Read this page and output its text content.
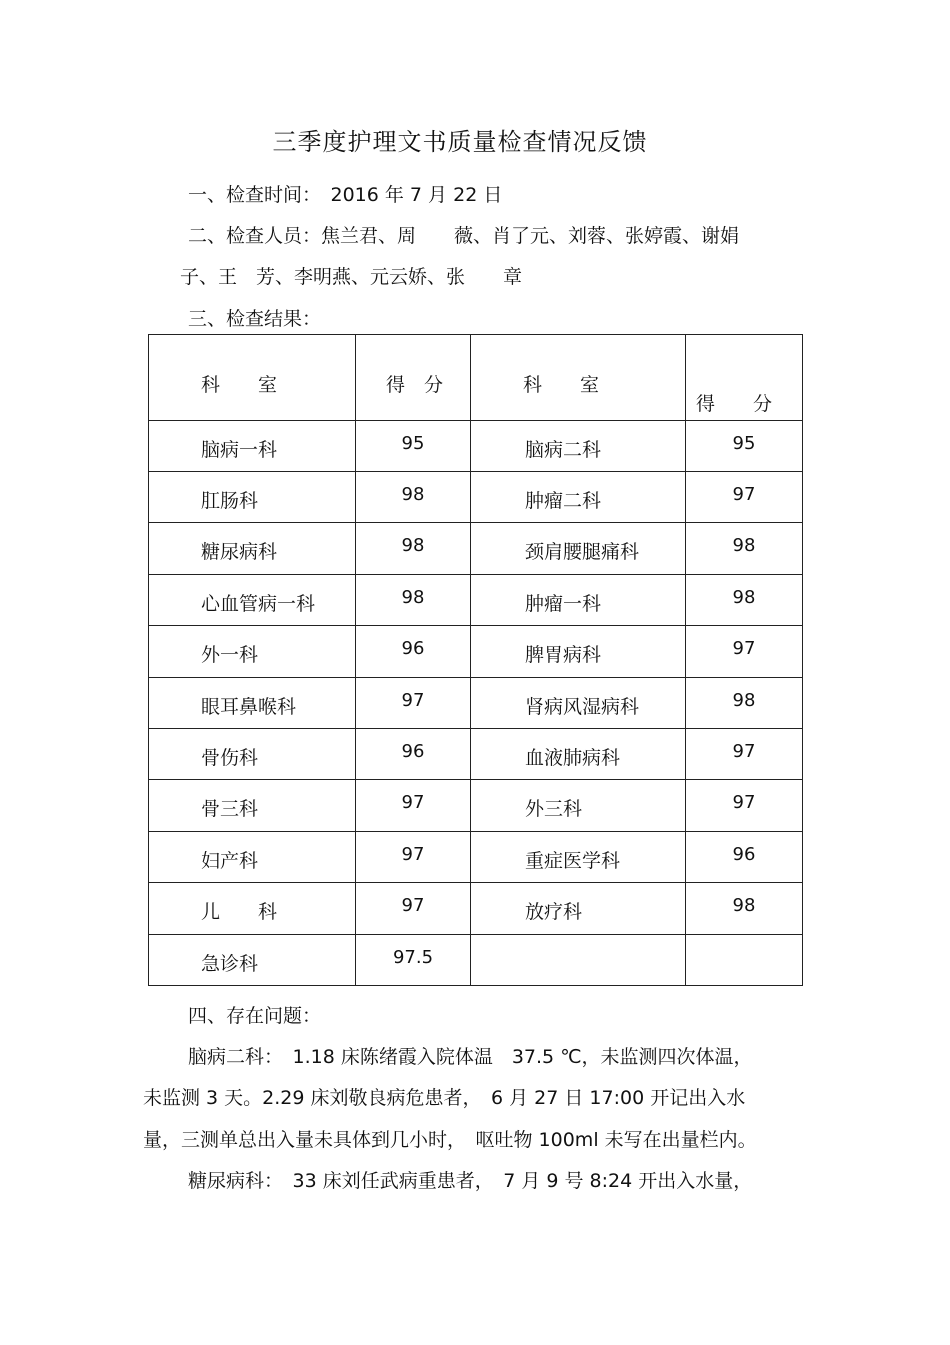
三季度护理文书质量检查情况反馈
一、检查时间：　2016 年 7 月 22 日
二、检查人员：焦兰君、周　　薇、肖了元、刘蓉、张婷霞、谢娟
子、王　芳、李明燕、元云娇、张　　章
三、检查结果：
科　　室	得　分	科　　室	得　　分

脑病一科	95	脑病二科	95

肛肠科	98	肿瘤二科	97

糖尿病科	98	颈肩腰腿痛科	98

心血管病一科	98	肿瘤一科	98

外一科	96	脾胃病科	97

眼耳鼻喉科	97	肾病风湿病科	98

骨伤科	96	血液肺病科	97

骨三科	97	外三科	97

妇产科	97	重症医学科	96

儿　　科	97	放疗科	98

急诊科	97.5		

四、存在问题：
脑病二科：　1.18 床陈绪霞入院体温　37.5 ℃，未监测四次体温，
未监测 3 天。2.29 床刘敬良病危患者，　6 月 27 日 17:00 开记出入水
量，三测单总出入量未具体到几小时，　呕吐物 100ml 未写在出量栏内。
糖尿病科：　33 床刘任武病重患者，　7 月 9 号 8:24 开出入水量，
